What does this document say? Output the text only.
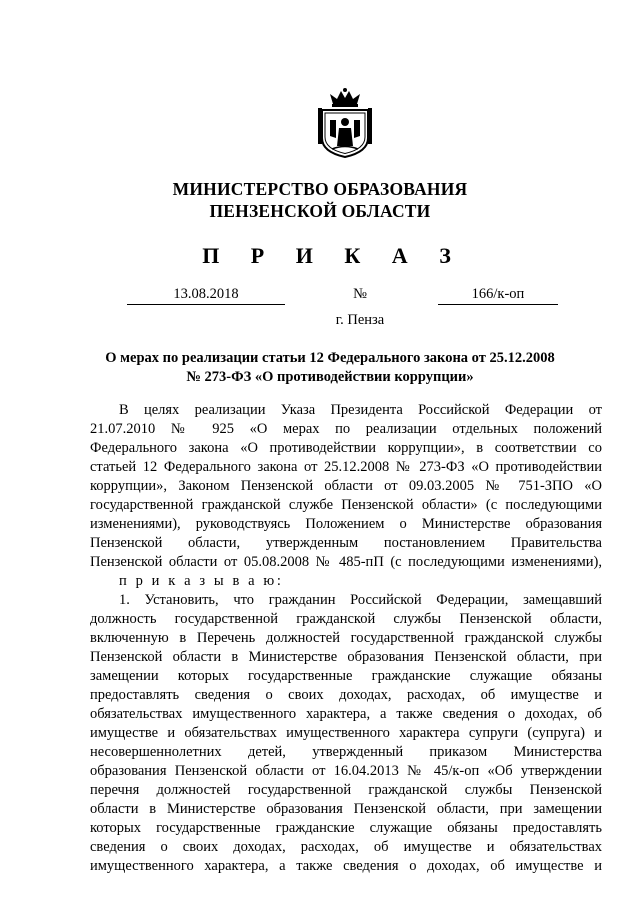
МИНИСТЕРСТВО ОБРАЗОВАНИЯ
ПЕНЗЕНСКОЙ ОБЛАСТИ
П Р И К А З
13.08.2018	№	166/к-оп
г. Пенза
О мерах по реализации статьи 12 Федерального закона от 25.12.2008
№ 273-ФЗ «О противодействии коррупции»
В целях реализации Указа Президента Российской Федерации от
21.07.2010 № 925 «О мерах по реализации отдельных положений
Федерального закона «О противодействии коррупции», в соответствии со
статьей 12 Федерального закона от 25.12.2008 № 273-ФЗ «О противодействии
коррупции», Законом Пензенской области от 09.03.2005 № 751-ЗПО «О
государственной гражданской службе Пензенской области» (с последующими
изменениями), руководствуясь Положением о Министерстве образования
Пензенской области, утвержденным постановлением Правительства
Пензенской области от 05.08.2008 № 485-пП (с последующими изменениями),
п р и к а з ы в а ю:
1. Установить, что гражданин Российской Федерации, замещавший
должность государственной гражданской службы Пензенской области,
включенную в Перечень должностей государственной гражданской службы
Пензенской области в Министерстве образования Пензенской области, при
замещении которых государственные гражданские служащие обязаны
предоставлять сведения о своих доходах, расходах, об имуществе и
обязательствах имущественного характера, а также сведения о доходах, об
имуществе и обязательствах имущественного характера супруги (супруга) и
несовершеннолетних детей, утвержденный приказом Министерства
образования Пензенской области от 16.04.2013 № 45/к-оп «Об утверждении
перечня должностей государственной гражданской службы Пензенской
области в Министерстве образования Пензенской области, при замещении
которых государственные гражданские служащие обязаны предоставлять
сведения о своих доходах, расходах, об имуществе и обязательствах
имущественного характера, а также сведения о доходах, об имуществе и
